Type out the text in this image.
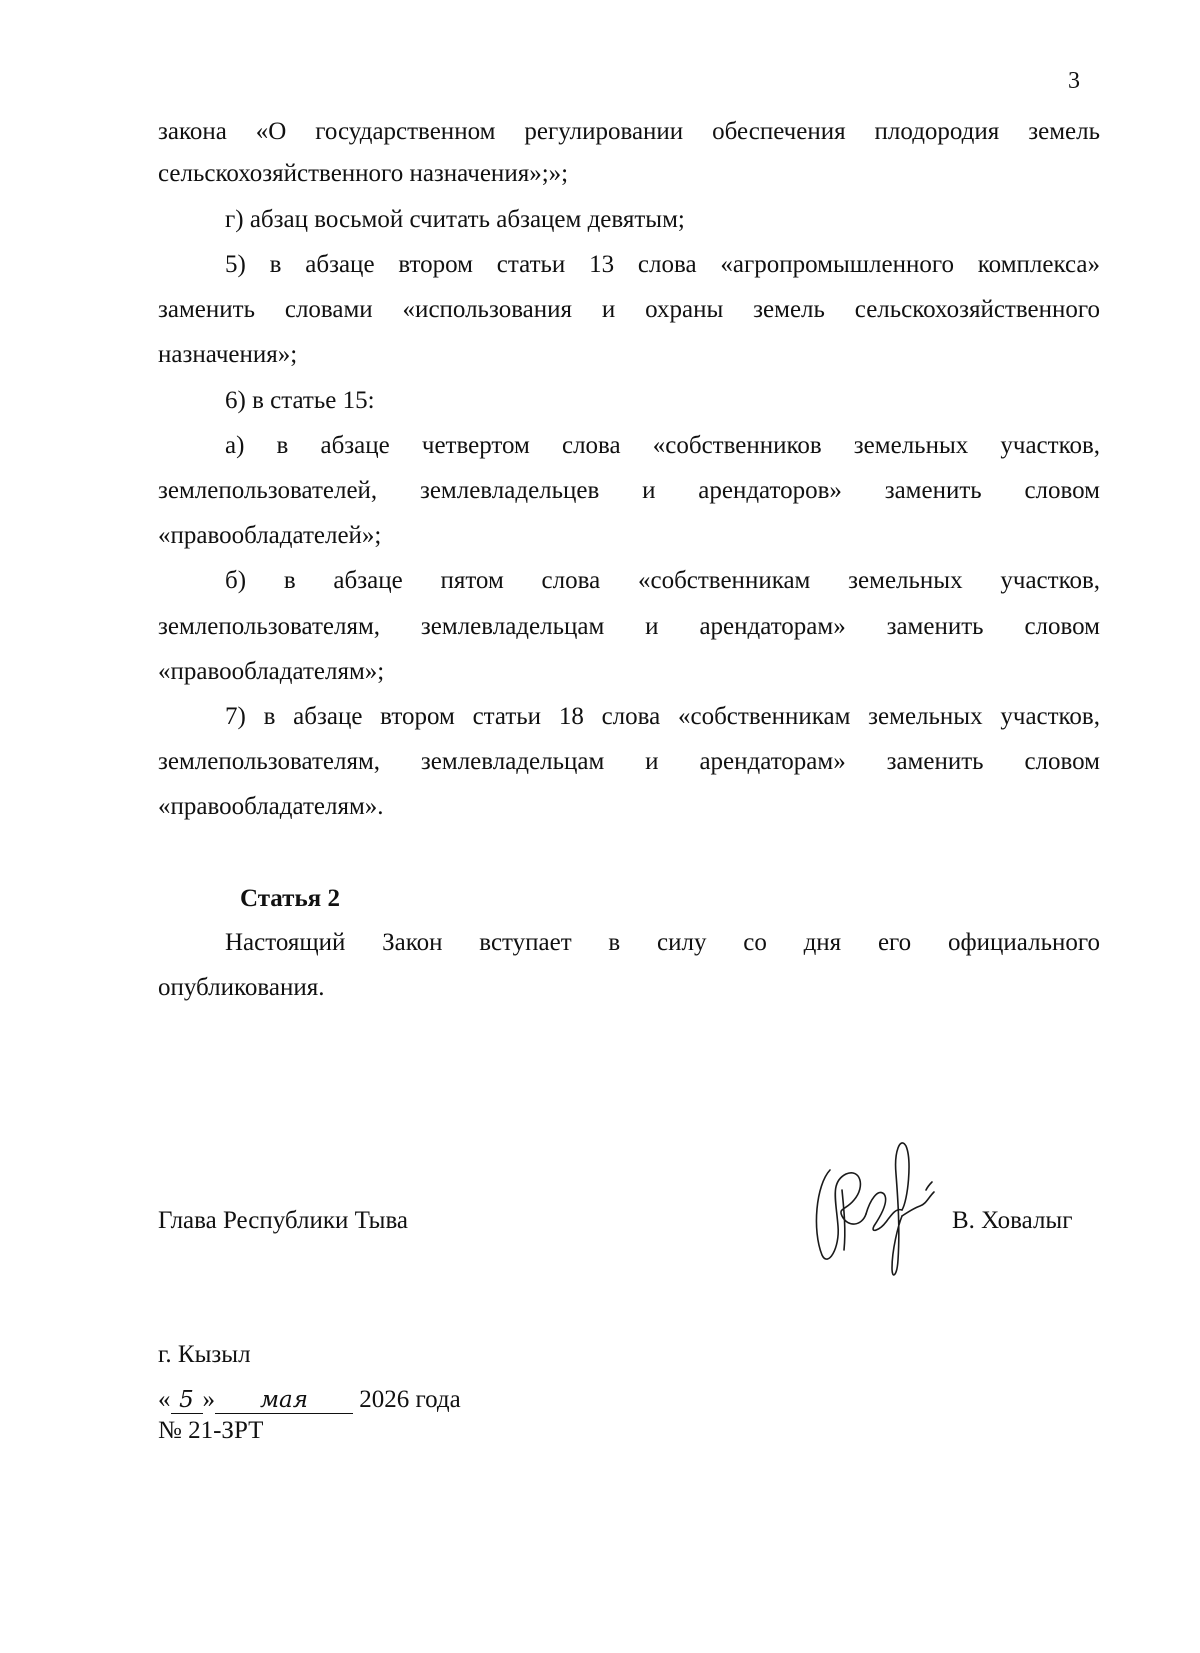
3
закона «О государственном регулировании обеспечения плодородия земель
сельскохозяйственного назначения»;»;
г) абзац восьмой считать абзацем девятым;
5) в абзаце втором статьи 13 слова «агропромышленного комплекса»
заменить словами «использования и охраны земель сельскохозяйственного
назначения»;
6) в статье 15:
а) в абзаце четвертом слова «собственников земельных участков,
землепользователей, землевладельцев и арендаторов» заменить словом
«правообладателей»;
б) в абзаце пятом слова «собственникам земельных участков,
землепользователям, землевладельцам и арендаторам» заменить словом
«правообладателям»;
7) в абзаце втором статьи 18 слова «собственникам земельных участков,
землепользователям, землевладельцам и арендаторам» заменить словом
«правообладателям».
Статья 2
Настоящий Закон вступает в силу со дня его официального
опубликования.
Глава Республики Тыва	В. Ховалыг
г. Кызыл
« 5 » мая 2026 года
№ 21-ЗРТ
